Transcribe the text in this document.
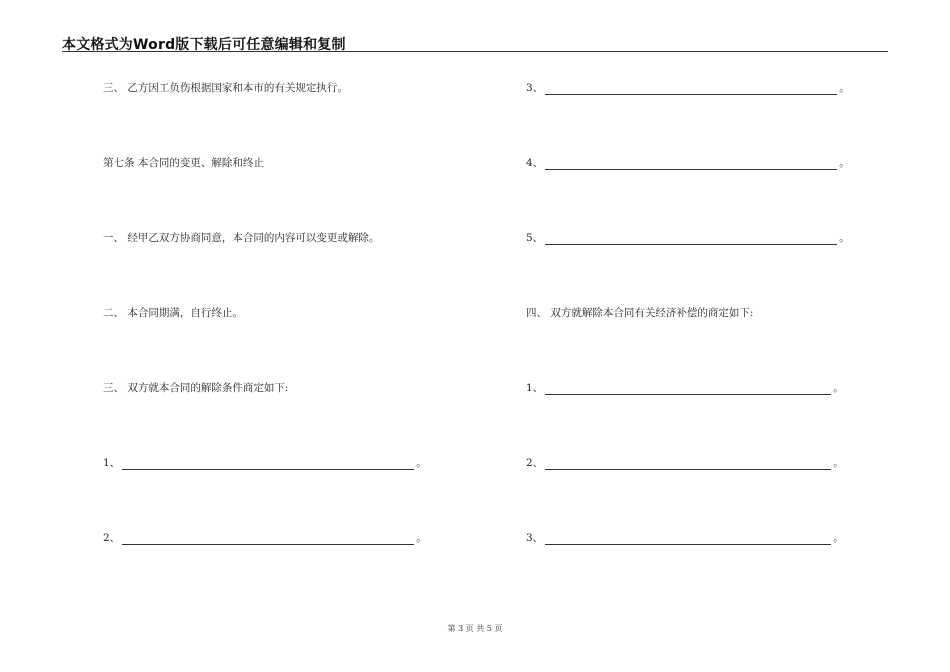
本文格式为Word版下载后可任意编辑和复制
三、 乙方因工负伤根据国家和本市的有关规定执行。
第七条 本合同的变更、解除和终止
一、 经甲乙双方协商同意，本合同的内容可以变更或解除。
二、 本合同期满，自行终止。
三、 双方就本合同的解除条件商定如下:
1、	。
2、	。
3、	。
4、	。
5、	。
四、 双方就解除本合同有关经济补偿的商定如下:
1、	。
2、	。
3、	。
第 3 页 共 5 页
